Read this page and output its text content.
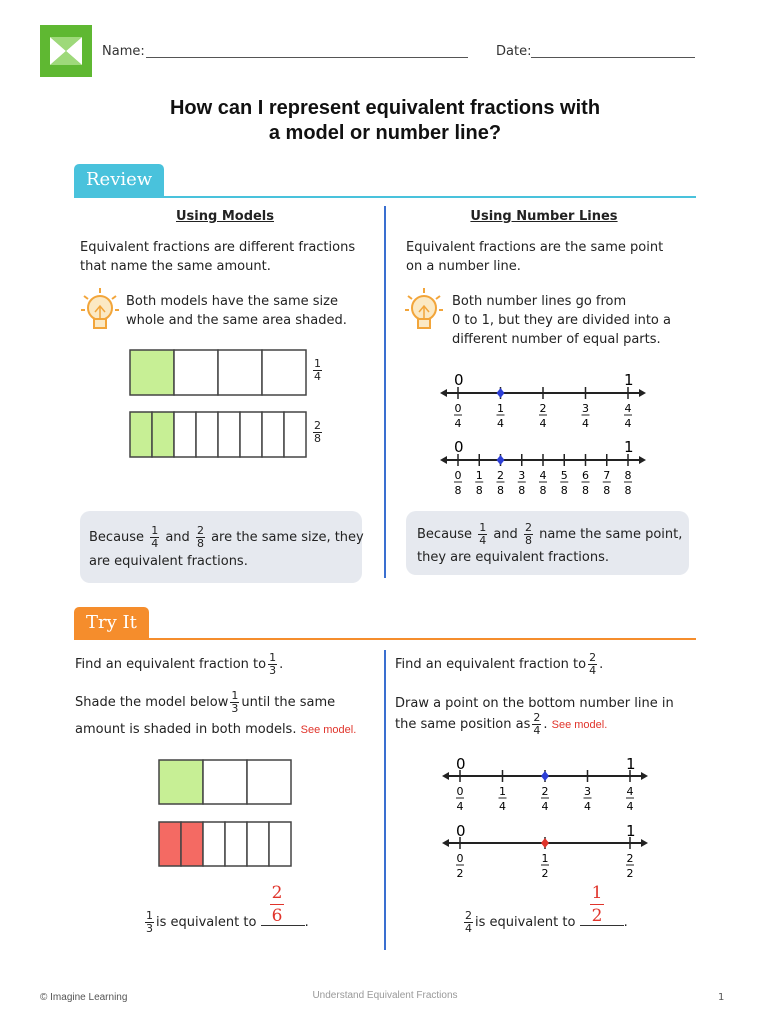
Name:	Date:
How can I represent equivalent fractions with
a model or number line?
Review
Using Models
Equivalent fractions are different fractions
that name the same amount.
Both models have the same size
whole and the same area shaded.
$\frac{1}{4}$
$\frac{2}{8}$
Because $\frac{1}{4}$ and $\frac{2}{8}$ are the same size, they
are equivalent fractions.
Using Number Lines
Equivalent fractions are the same point
on a number line.
Both number lines go from
0 to 1, but they are divided into a
different number of equal parts.
0	1
0
4
1
4
2
4
3
4
4
4
0	1
0
8
1
8
2
8
3
8
4
8
5
8
6
8
7
8
8
8
Because $\frac{1}{4}$ and $\frac{2}{8}$ name the same point,
they are equivalent fractions.
Try It
Find an equivalent fraction to $\frac{1}{3}$ .
Shade the model below $\frac{1}{3}$ until the same
amount is shaded in both models. See model.
$\frac{1}{3}$ is equivalent to	.
2
6
Find an equivalent fraction to $\frac{2}{4}$ .
Draw a point on the bottom number line in
the same position as $\frac{2}{4}$ . See model.
0	1
0
4
1
4
2
4
3
4
4
4
0	1
0
2
1
2
2
2
$\frac{2}{4}$ is equivalent to	.
1
2
© Imagine Learning	Understand Equivalent Fractions	1
